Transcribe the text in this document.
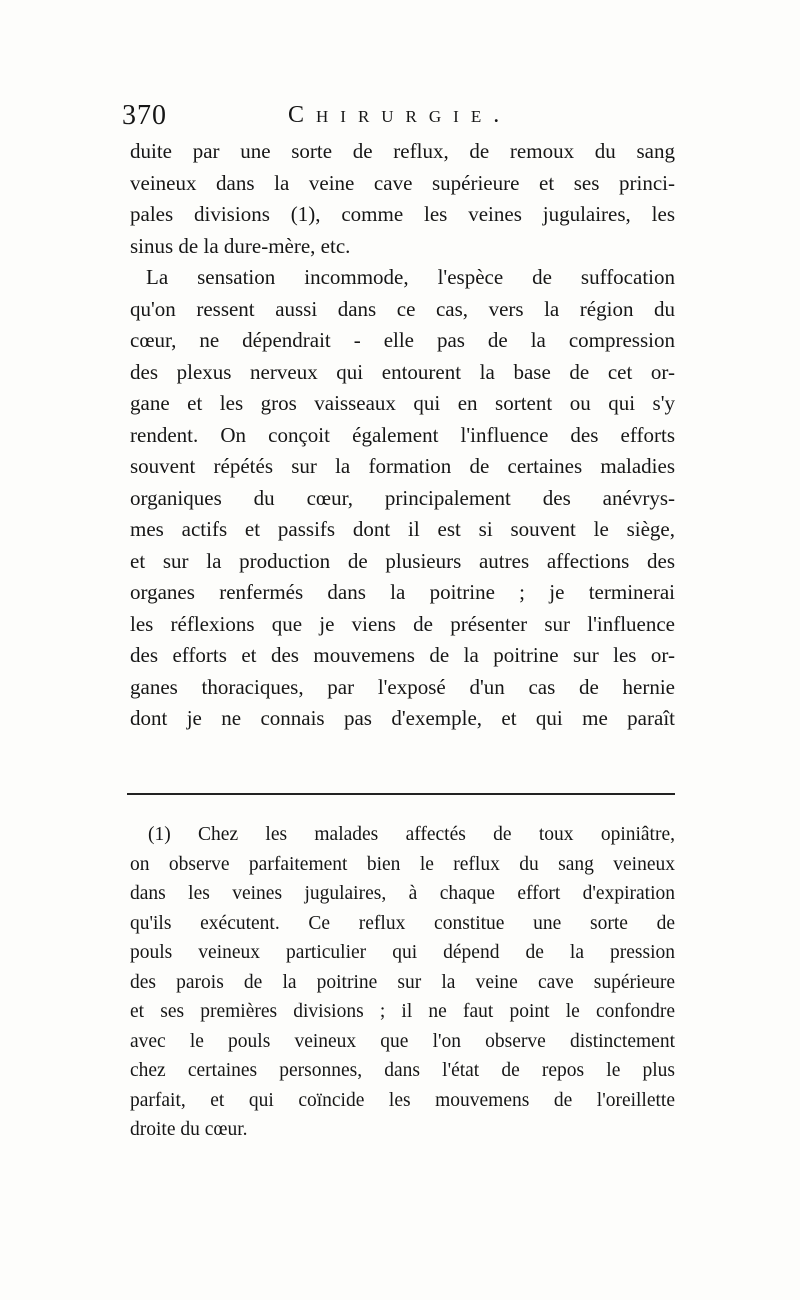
370	Chirurgie.
duite par une sorte de reflux, de remoux du sang
veineux dans la veine cave supérieure et ses princi-
pales divisions (1), comme les veines jugulaires, les
sinus de la dure-mère, etc.
La sensation incommode, l'espèce de suffocation
qu'on ressent aussi dans ce cas, vers la région du
cœur, ne dépendrait - elle pas de la compression
des plexus nerveux qui entourent la base de cet or-
gane et les gros vaisseaux qui en sortent ou qui s'y
rendent. On conçoit également l'influence des efforts
souvent répétés sur la formation de certaines maladies
organiques du cœur, principalement des anévrys-
mes actifs et passifs dont il est si souvent le siège,
et sur la production de plusieurs autres affections des
organes renfermés dans la poitrine ; je terminerai
les réflexions que je viens de présenter sur l'influence
des efforts et des mouvemens de la poitrine sur les or-
ganes thoraciques, par l'exposé d'un cas de hernie
dont je ne connais pas d'exemple, et qui me paraît
(1) Chez les malades affectés de toux opiniâtre,
on observe parfaitement bien le reflux du sang veineux
dans les veines jugulaires, à chaque effort d'expiration
qu'ils exécutent. Ce reflux constitue une sorte de
pouls veineux particulier qui dépend de la pression
des parois de la poitrine sur la veine cave supérieure
et ses premières divisions ; il ne faut point le confondre
avec le pouls veineux que l'on observe distinctement
chez certaines personnes, dans l'état de repos le plus
parfait, et qui coïncide les mouvemens de l'oreillette
droite du cœur.
